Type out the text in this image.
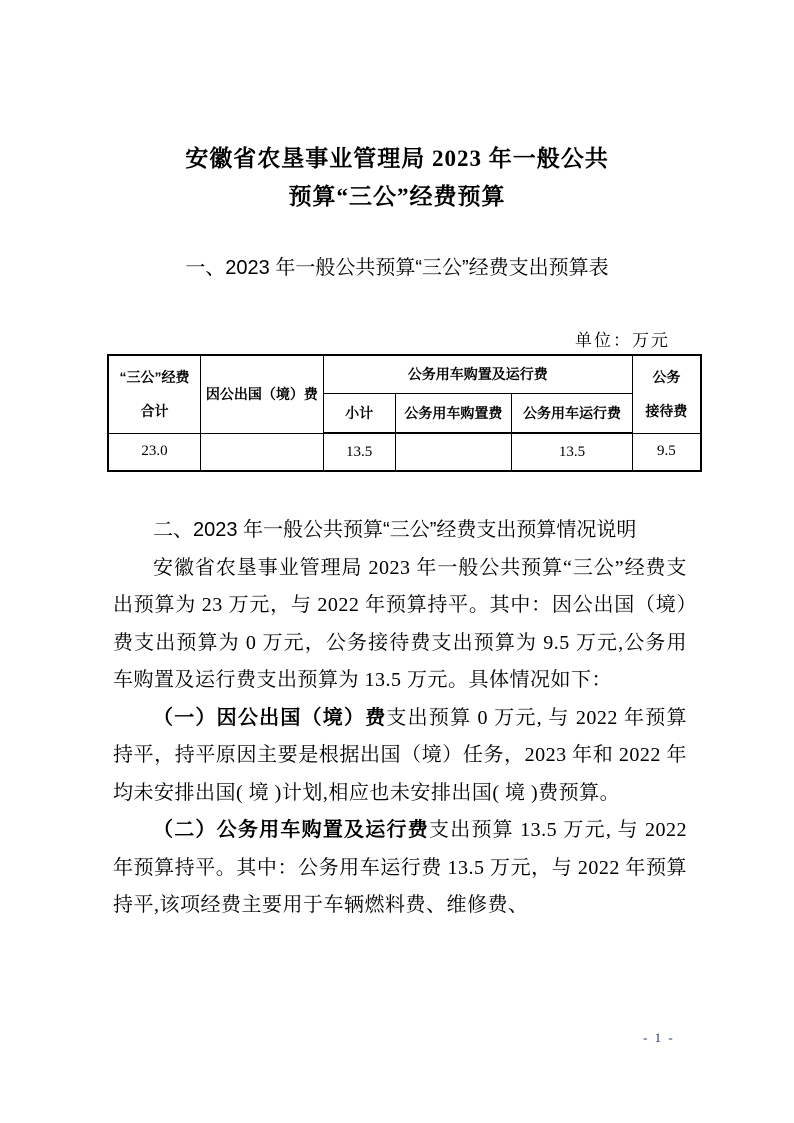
安徽省农垦事业管理局 2023 年一般公共
预算“三公”经费预算
一、2023 年一般公共预算“三公”经费支出预算表
单位：万元
“三公”经费
合计	因公出国（境）费	公务用车购置及运行费			公务
接待费

		小计	公务用车购置费	公务用车运行费	
23.0		13.5		13.5	9.5
二、2023 年一般公共预算“三公”经费支出预算情况说明

安徽省农垦事业管理局 2023 年一般公共预算“三公”经费支出预算为 23 万元，与 2022 年预算持平。其中：因公出国（境）费支出预算为 0 万元，公务接待费支出预算为 9.5 万元,公务用车购置及运行费支出预算为 13.5 万元。具体情况如下：

（一）因公出国（境）费支出预算 0 万元, 与 2022 年预算持平，持平原因主要是根据出国（境）任务，2023 年和 2022 年均未安排出国( 境 )计划,相应也未安排出国( 境 )费预算。

（二）公务用车购置及运行费支出预算 13.5 万元, 与 2022 年预算持平。其中：公务用车运行费 13.5 万元，与 2022 年预算持平,该项经费主要用于车辆燃料费、维修费、

- 1 -
